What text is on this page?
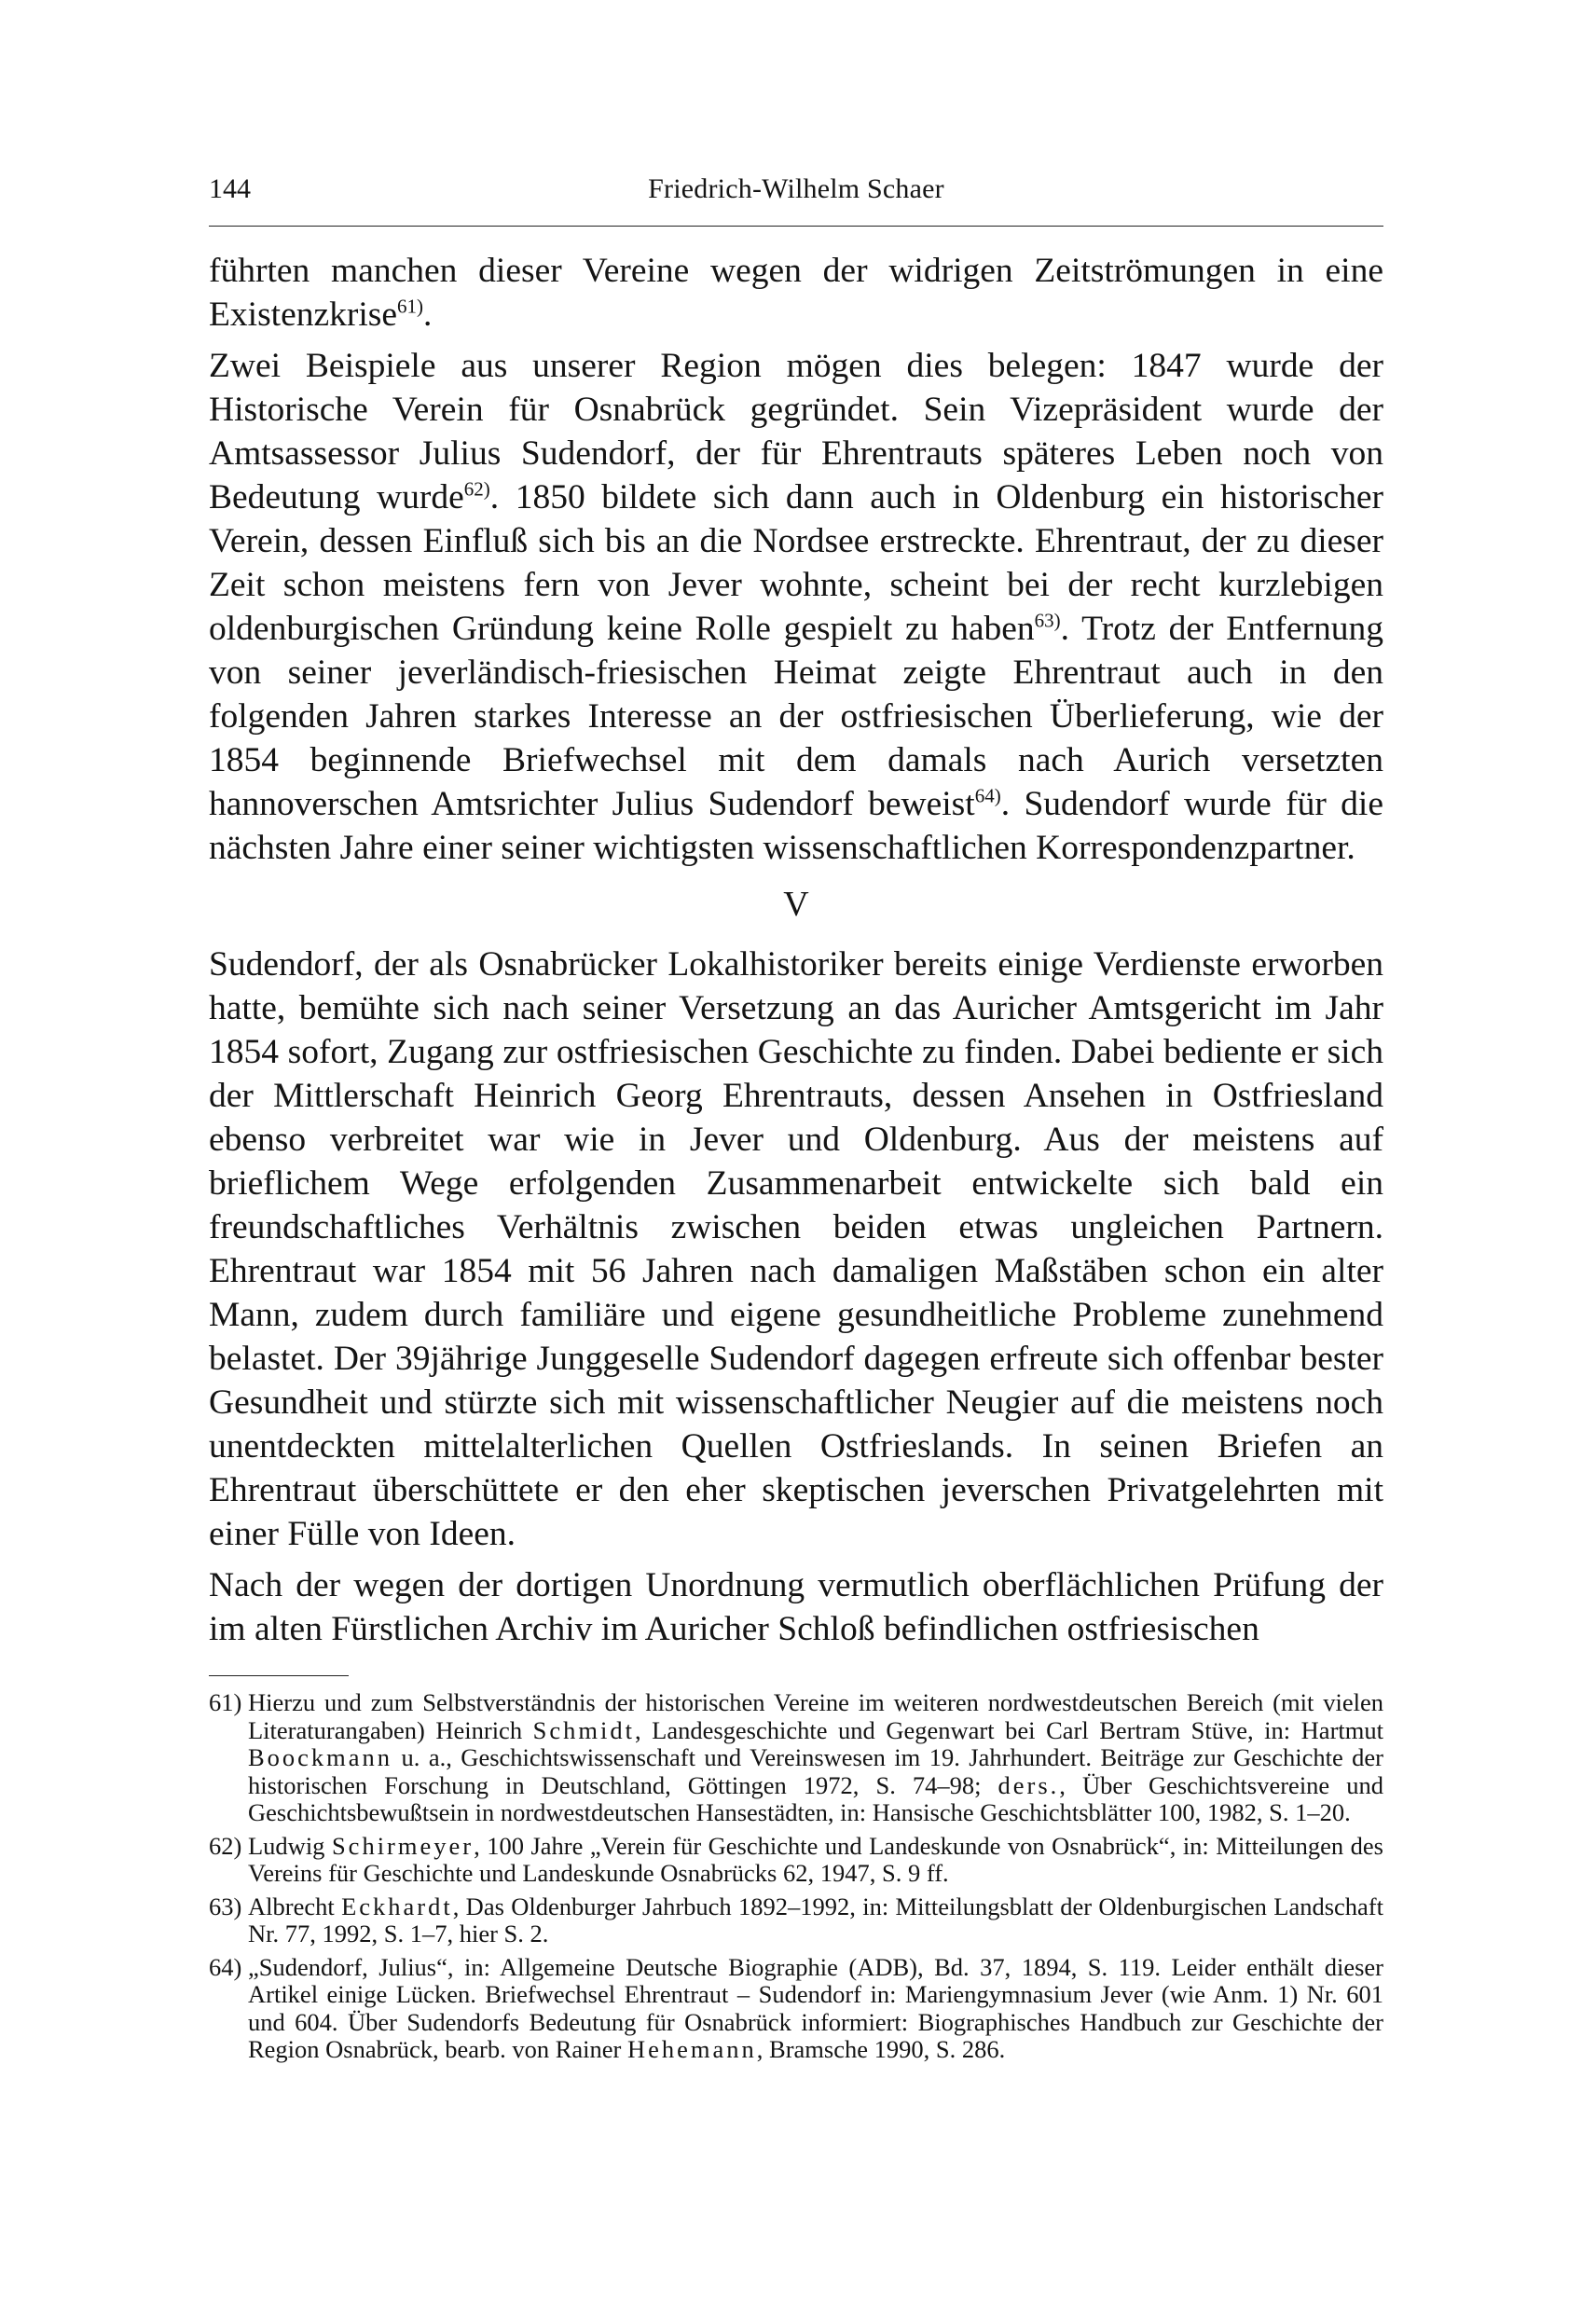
144	Friedrich-Wilhelm Schaer

führten manchen dieser Vereine wegen der widrigen Zeitströmungen in eine Existenzkrise$^{61)}$.

Zwei Beispiele aus unserer Region mögen dies belegen: 1847 wurde der Historische Verein für Osnabrück gegründet. Sein Vizepräsident wurde der Amtsassessor Julius Sudendorf, der für Ehrentrauts späteres Leben noch von Bedeutung wurde$^{62)}$. 1850 bildete sich dann auch in Oldenburg ein historischer Verein, dessen Einfluß sich bis an die Nordsee erstreckte. Ehrentraut, der zu dieser Zeit schon meistens fern von Jever wohnte, scheint bei der recht kurzlebigen oldenburgischen Gründung keine Rolle gespielt zu haben$^{63)}$. Trotz der Entfernung von seiner jeverländisch-friesischen Heimat zeigte Ehrentraut auch in den folgenden Jahren starkes Interesse an der ostfriesischen Überlieferung, wie der 1854 beginnende Briefwechsel mit dem damals nach Aurich versetzten hannoverschen Amtsrichter Julius Sudendorf beweist$^{64)}$. Sudendorf wurde für die nächsten Jahre einer seiner wichtigsten wissenschaftlichen Korrespondenzpartner.

V

Sudendorf, der als Osnabrücker Lokalhistoriker bereits einige Verdienste erworben hatte, bemühte sich nach seiner Versetzung an das Auricher Amtsgericht im Jahr 1854 sofort, Zugang zur ostfriesischen Geschichte zu finden. Dabei bediente er sich der Mittlerschaft Heinrich Georg Ehrentrauts, dessen Ansehen in Ostfriesland ebenso verbreitet war wie in Jever und Oldenburg. Aus der meistens auf brieflichem Wege erfolgenden Zusammenarbeit entwickelte sich bald ein freundschaftliches Verhältnis zwischen beiden etwas ungleichen Partnern. Ehrentraut war 1854 mit 56 Jahren nach damaligen Maßstäben schon ein alter Mann, zudem durch familiäre und eigene gesundheitliche Probleme zunehmend belastet. Der 39jährige Junggeselle Sudendorf dagegen erfreute sich offenbar bester Gesundheit und stürzte sich mit wissenschaftlicher Neugier auf die meistens noch unentdeckten mittelalterlichen Quellen Ostfrieslands. In seinen Briefen an Ehrentraut überschüttete er den eher skeptischen jeverschen Privatgelehrten mit einer Fülle von Ideen.

Nach der wegen der dortigen Unordnung vermutlich oberflächlichen Prüfung der im alten Fürstlichen Archiv im Auricher Schloß befindlichen ostfriesischen

61) Hierzu und zum Selbstverständnis der historischen Vereine im weiteren nordwestdeutschen Bereich (mit vielen Literaturangaben) Heinrich Schmidt, Landesgeschichte und Gegenwart bei Carl Bertram Stüve, in: Hartmut Boockmann u. a., Geschichtswissenschaft und Vereinswesen im 19. Jahrhundert. Beiträge zur Geschichte der historischen Forschung in Deutschland, Göttingen 1972, S. 74–98; ders., Über Geschichtsvereine und Geschichtsbewußtsein in nordwestdeutschen Hansestädten, in: Hansische Geschichtsblätter 100, 1982, S. 1–20.
62) Ludwig Schirmeyer, 100 Jahre „Verein für Geschichte und Landeskunde von Osnabrück“, in: Mitteilungen des Vereins für Geschichte und Landeskunde Osnabrücks 62, 1947, S. 9 ff.
63) Albrecht Eckhardt, Das Oldenburger Jahrbuch 1892–1992, in: Mitteilungsblatt der Oldenburgischen Landschaft Nr. 77, 1992, S. 1–7, hier S. 2.
64) „Sudendorf, Julius“, in: Allgemeine Deutsche Biographie (ADB), Bd. 37, 1894, S. 119. Leider enthält dieser Artikel einige Lücken. Briefwechsel Ehrentraut – Sudendorf in: Mariengymnasium Jever (wie Anm. 1) Nr. 601 und 604. Über Sudendorfs Bedeutung für Osnabrück informiert: Biographisches Handbuch zur Geschichte der Region Osnabrück, bearb. von Rainer Hehemann, Bramsche 1990, S. 286.
